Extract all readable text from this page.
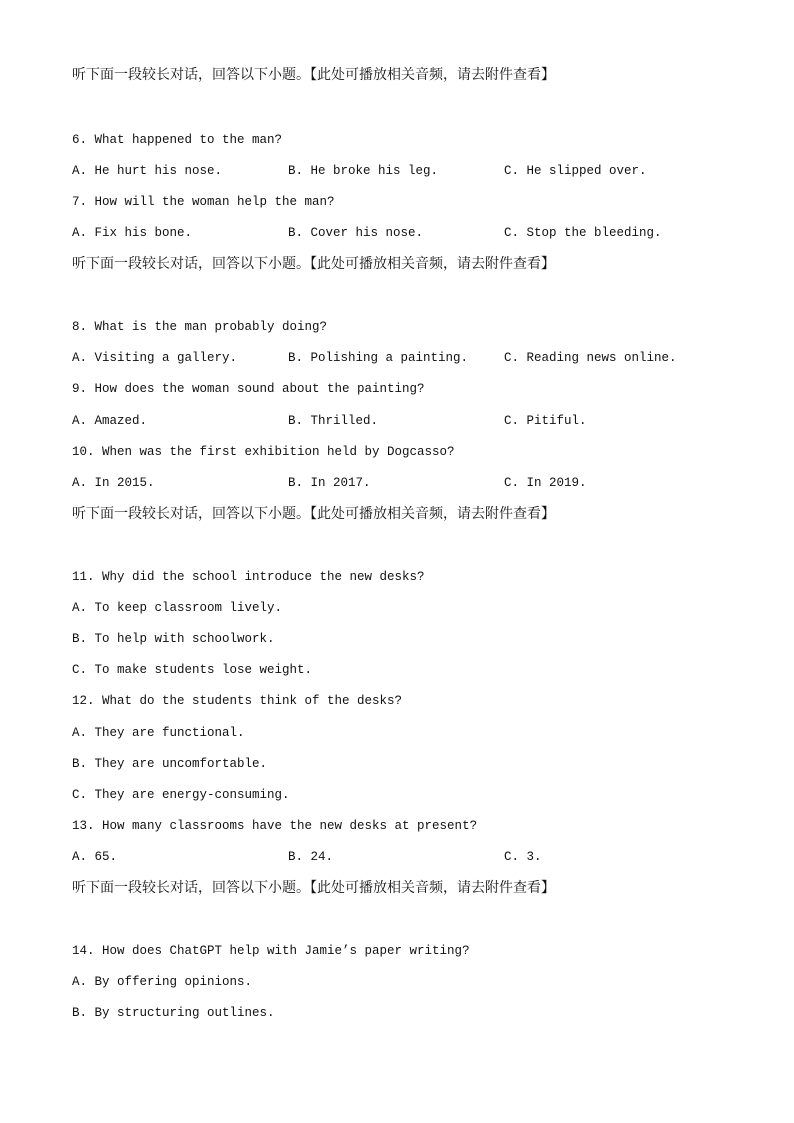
听下面一段较长对话，回答以下小题。【此处可播放相关音频，请去附件查看】
6. What happened to the man?
A. He hurt his nose.	B. He broke his leg.	C. He slipped over.
7. How will the woman help the man?
A. Fix his bone.	B. Cover his nose.	C. Stop the bleeding.
听下面一段较长对话，回答以下小题。【此处可播放相关音频，请去附件查看】
8. What is the man probably doing?
A. Visiting a gallery.	B. Polishing a painting.	C. Reading news online.
9. How does the woman sound about the painting?
A. Amazed.	B. Thrilled.	C. Pitiful.
10. When was the first exhibition held by Dogcasso?
A. In 2015.	B. In 2017.	C. In 2019.
听下面一段较长对话，回答以下小题。【此处可播放相关音频，请去附件查看】
11. Why did the school introduce the new desks?
A. To keep classroom lively.
B. To help with schoolwork.
C. To make students lose weight.
12. What do the students think of the desks?
A. They are functional.
B. They are uncomfortable.
C. They are energy-consuming.
13. How many classrooms have the new desks at present?
A. 65.	B. 24.	C. 3.
听下面一段较长对话，回答以下小题。【此处可播放相关音频，请去附件查看】
14. How does ChatGPT help with Jamie’s paper writing?
A. By offering opinions.
B. By structuring outlines.
